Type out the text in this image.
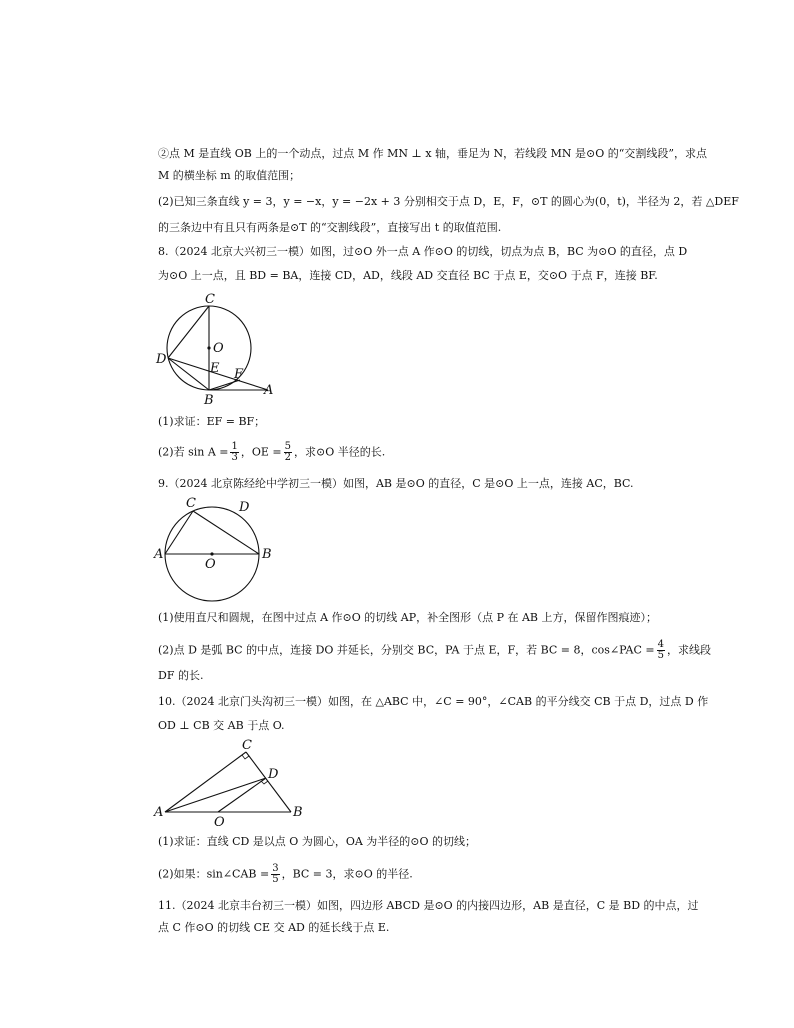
②点 M 是直线 OB 上的一个动点，过点 M 作 MN ⊥ x 轴，垂足为 N，若线段 MN 是⊙O 的“交割线段”，求点
M 的横坐标 m 的取值范围；
(2)已知三条直线 y = 3，y = −x，y = −2x + 3 分别相交于点 D，E，F，⊙T 的圆心为(0，t)，半径为 2，若 △DEF
的三条边中有且只有两条是⊙T 的“交割线段”，直接写出 t 的取值范围.
8.（2024 北京大兴初三一模）如图，过⊙O 外一点 A 作⊙O 的切线，切点为点 B，BC 为⊙O 的直径，点 D
为⊙O 上一点，且 BD = BA，连接 CD，AD，线段 AD 交直径 BC 于点 E，交⊙O 于点 F，连接 BF.
C
O
D
E F
B
A
(1)求证：EF = BF；
(2)若 $\sin A = \frac{1}{3}$ ，OE = $\frac{5}{2}$ ，求⊙O 半径的长.
9.（2024 北京陈经纶中学初三一模）如图，AB 是⊙O 的直径，C 是⊙O 上一点，连接 AC，BC.
C	D
A
O
B
(1)使用直尺和圆规，在图中过点 A 作⊙O 的切线 AP，补全图形（点 P 在 AB 上方，保留作图痕迹）；
(2)点 D 是弧 BC 的中点，连接 DO 并延长，分别交 BC，PA 于点 E，F，若 BC = 8，cos∠PAC = $\frac{4}{5}$ ，求线段
DF 的长.
10.（2024 北京门头沟初三一模）如图，在 △ABC 中，∠C = 90°，∠CAB 的平分线交 CB 于点 D，过点 D 作
OD ⊥ CB 交 AB 于点 O.
C
D
A
O
B
(1)求证：直线 CD 是以点 O 为圆心，OA 为半径的⊙O 的切线；
(2)如果：sin∠CAB = $\frac{3}{5}$ ，BC = 3，求⊙O 的半径.
11.（2024 北京丰台初三一模）如图，四边形 ABCD 是⊙O 的内接四边形，AB 是直径，C 是 BD 的中点，过
点 C 作⊙O 的切线 CE 交 AD 的延长线于点 E.
